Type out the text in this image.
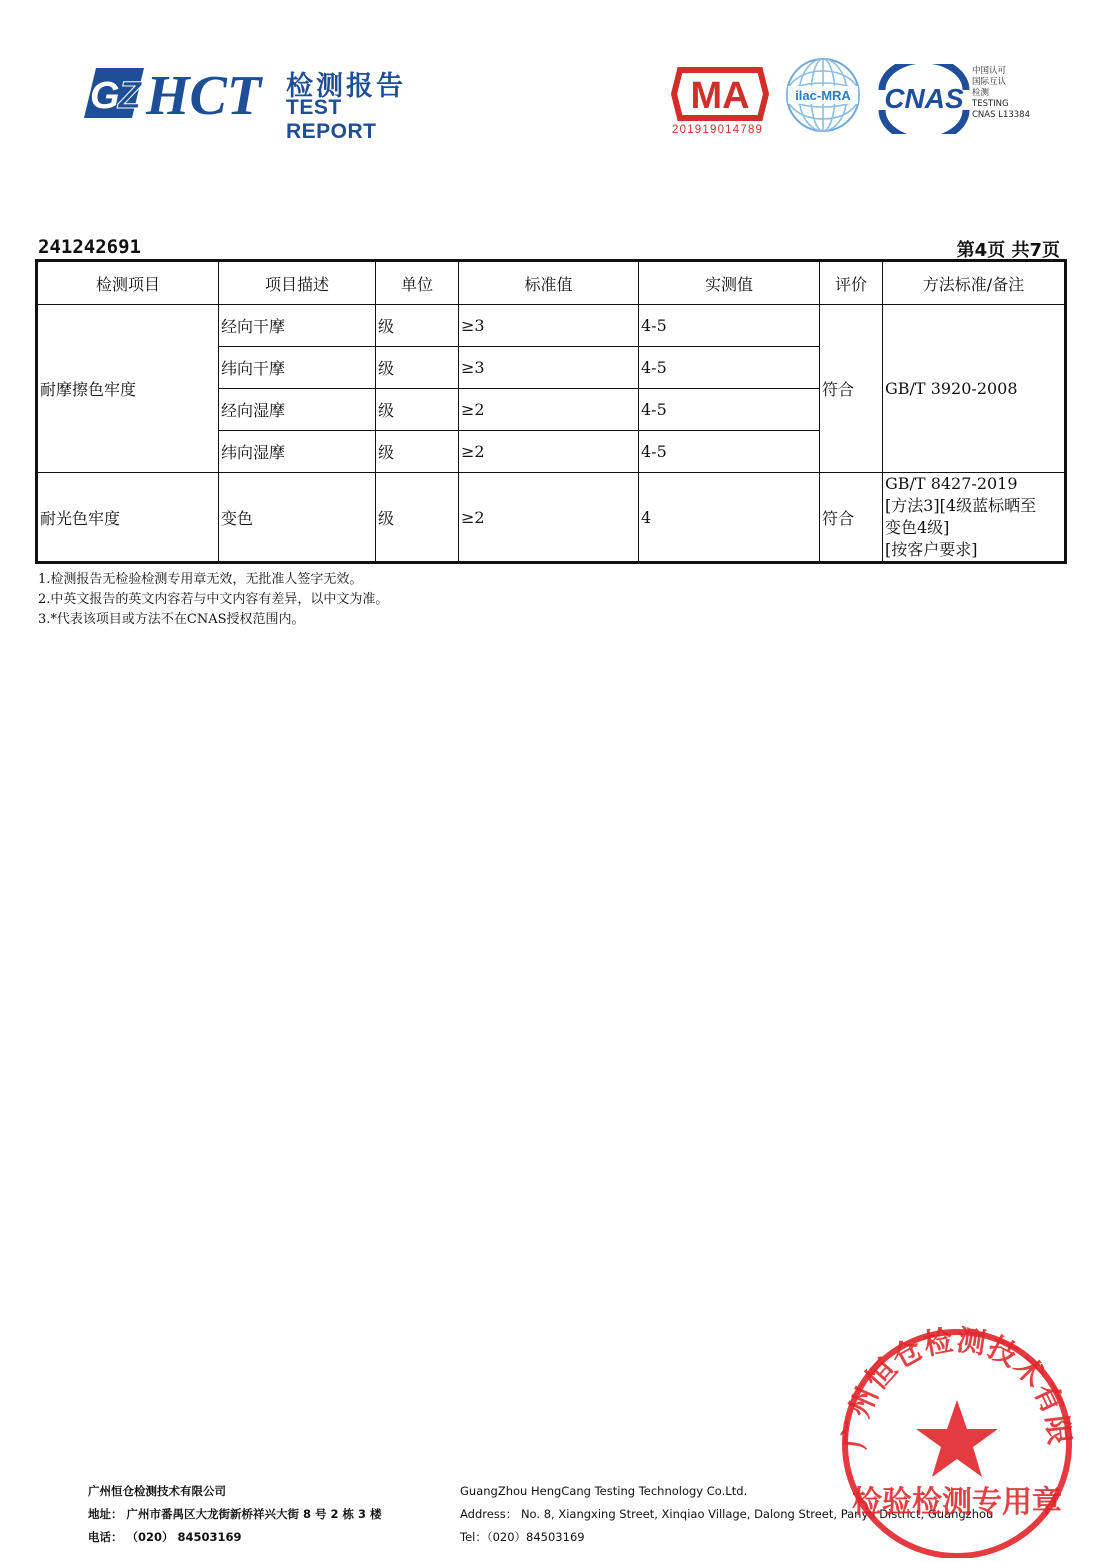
G
Z HCT 检测报告
TEST REPORT
MA
201919014789
ilac-MRA CNAS
中国认可
国际互认
检测
TESTING
CNAS L13384
241242691	第4页 共7页
检测项目	项目描述	单位	标准值	实测值	评价	方法标准/备注
耐摩擦色牢度	经向干摩	级	≥3	4-5	符合	GB/T 3920-2008
	纬向干摩	级	≥3	4-5		
	经向湿摩	级	≥2	4-5		
	纬向湿摩	级	≥2	4-5		
耐光色牢度	变色	级	≥2	4	符合	GB/T 8427-2019
[方法3][4级蓝标晒至
变色4级]
[按客户要求]
1.检测报告无检验检测专用章无效，无批准人签字无效。
2.中英文报告的英文内容若与中文内容有差异，以中文为准。
3.*代表该项目或方法不在CNAS授权范围内。
广州恒仓检测技术有限公司
地址： 广州市番禺区大龙街新桥祥兴大街 8 号 2 栋 3 楼
电话： （020） 84503169
GuangZhou HengCang Testing Technology Co.Ltd.
Address： No. 8, Xiangxing Street, Xinqiao Village, Dalong Street, Panyu District, Guangzhou
Tel：（020）84503169
广州恒仓检测技术有限
检验检测专用章
